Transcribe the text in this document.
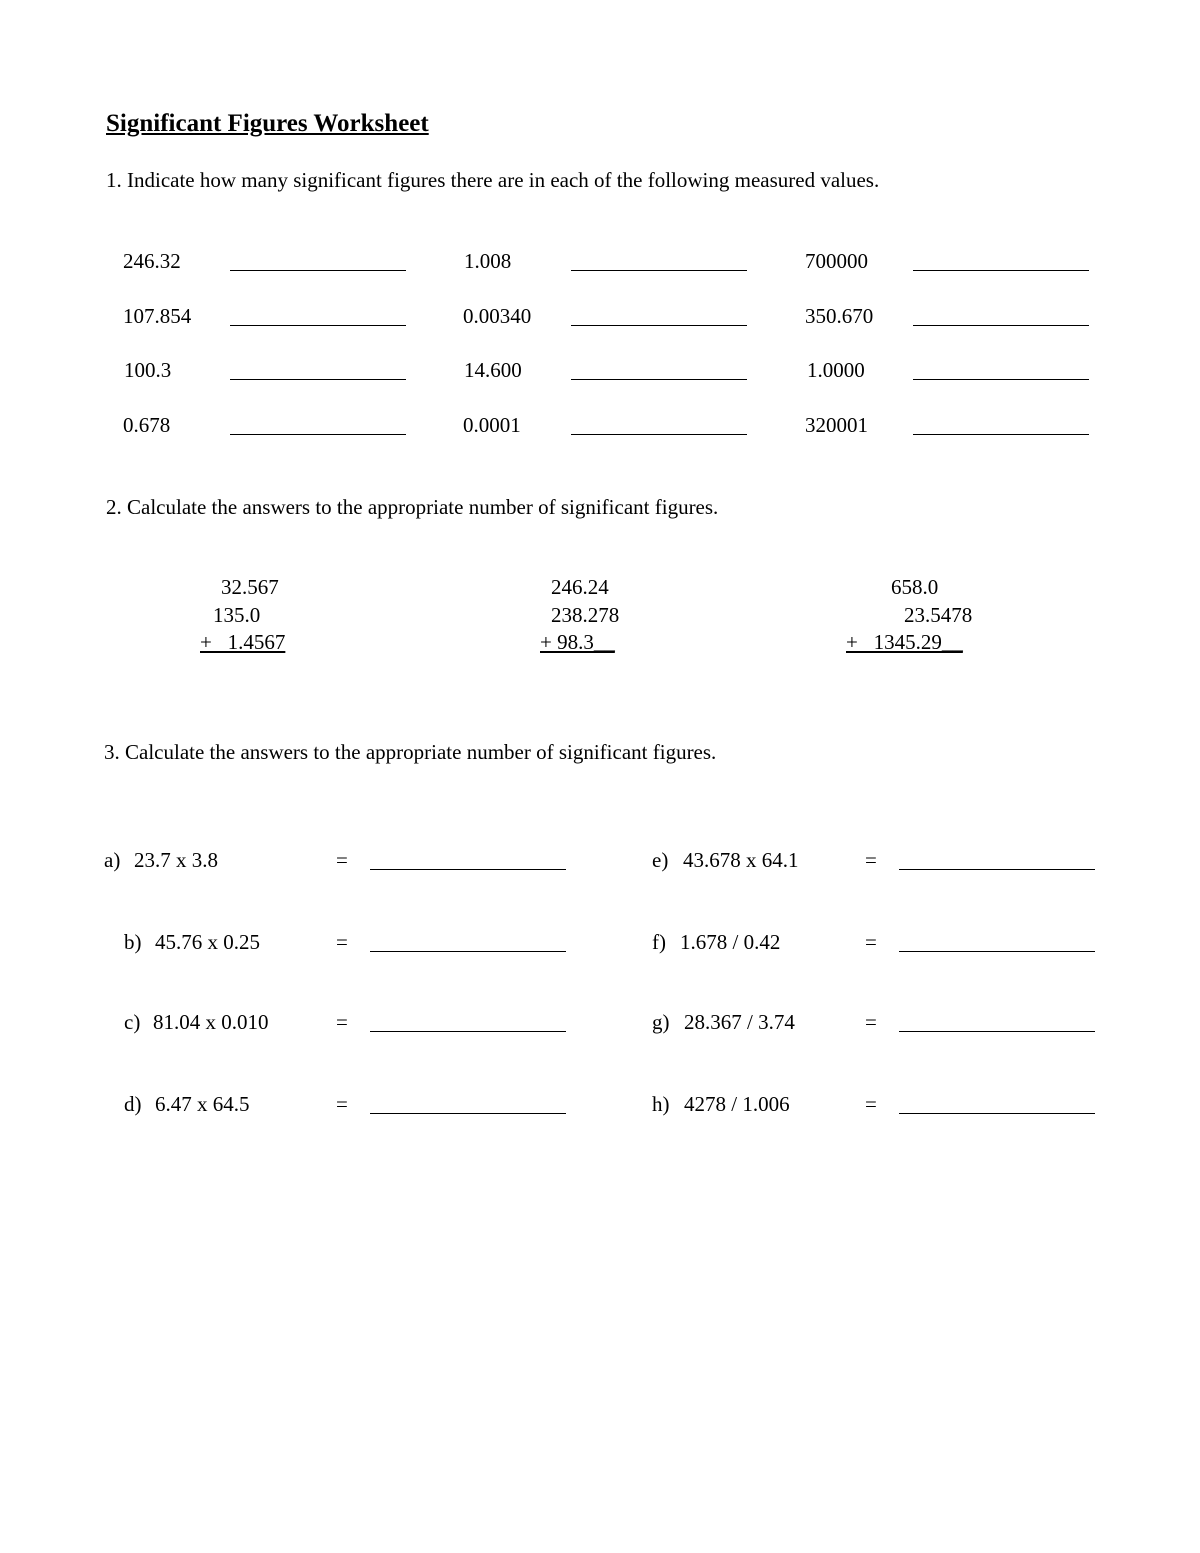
Significant Figures Worksheet
1. Indicate how many significant figures there are in each of the following measured values.
246.32	1.008	700000
107.854	0.00340	350.670
100.3	14.600	1.0000
0.678	0.0001	320001
2. Calculate the answers to the appropriate number of significant figures.
32.567
135.0
+   1.4567
246.24
238.278
+ 98.3__
658.0
23.5478
+   1345.29__
3. Calculate the answers to the appropriate number of significant figures.
a) 23.7 x 3.8	=
b) 45.76 x 0.25	=
c) 81.04 x 0.010	=
d) 6.47 x 64.5	=
e) 43.678 x 64.1	=
f) 1.678 / 0.42	=
g) 28.367 / 3.74	=
h) 4278 / 1.006	=
